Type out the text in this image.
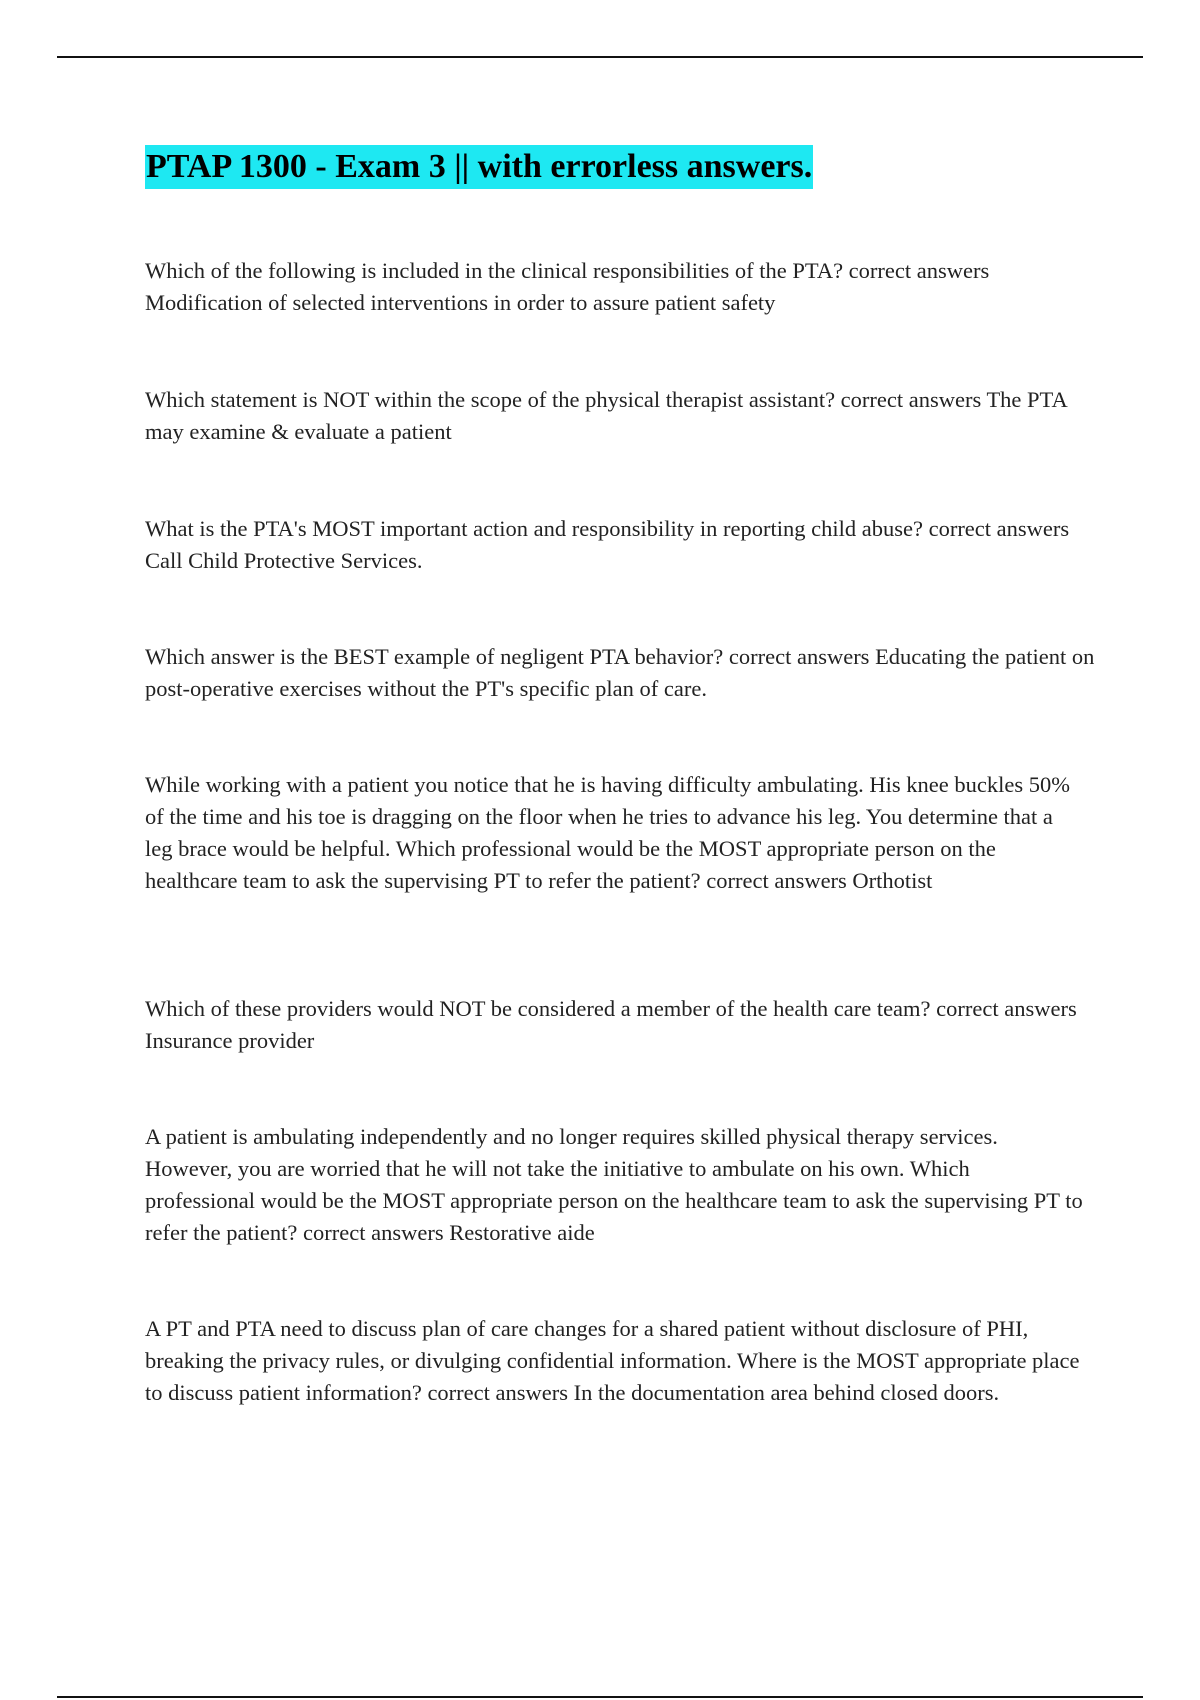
PTAP 1300 - Exam 3 || with errorless answers.

Which of the following is included in the clinical responsibilities of the PTA? correct answers Modification of selected interventions in order to assure patient safety

Which statement is NOT within the scope of the physical therapist assistant? correct answers The PTA may examine & evaluate a patient

What is the PTA's MOST important action and responsibility in reporting child abuse? correct answers Call Child Protective Services.

Which answer is the BEST example of negligent PTA behavior? correct answers Educating the patient on post-operative exercises without the PT's specific plan of care.

While working with a patient you notice that he is having difficulty ambulating. His knee buckles 50% of the time and his toe is dragging on the floor when he tries to advance his leg. You determine that a leg brace would be helpful. Which professional would be the MOST appropriate person on the healthcare team to ask the supervising PT to refer the patient? correct answers Orthotist

Which of these providers would NOT be considered a member of the health care team? correct answers Insurance provider

A patient is ambulating independently and no longer requires skilled physical therapy services. However, you are worried that he will not take the initiative to ambulate on his own. Which professional would be the MOST appropriate person on the healthcare team to ask the supervising PT to refer the patient? correct answers Restorative aide

A PT and PTA need to discuss plan of care changes for a shared patient without disclosure of PHI, breaking the privacy rules, or divulging confidential information. Where is the MOST appropriate place to discuss patient information? correct answers In the documentation area behind closed doors.
